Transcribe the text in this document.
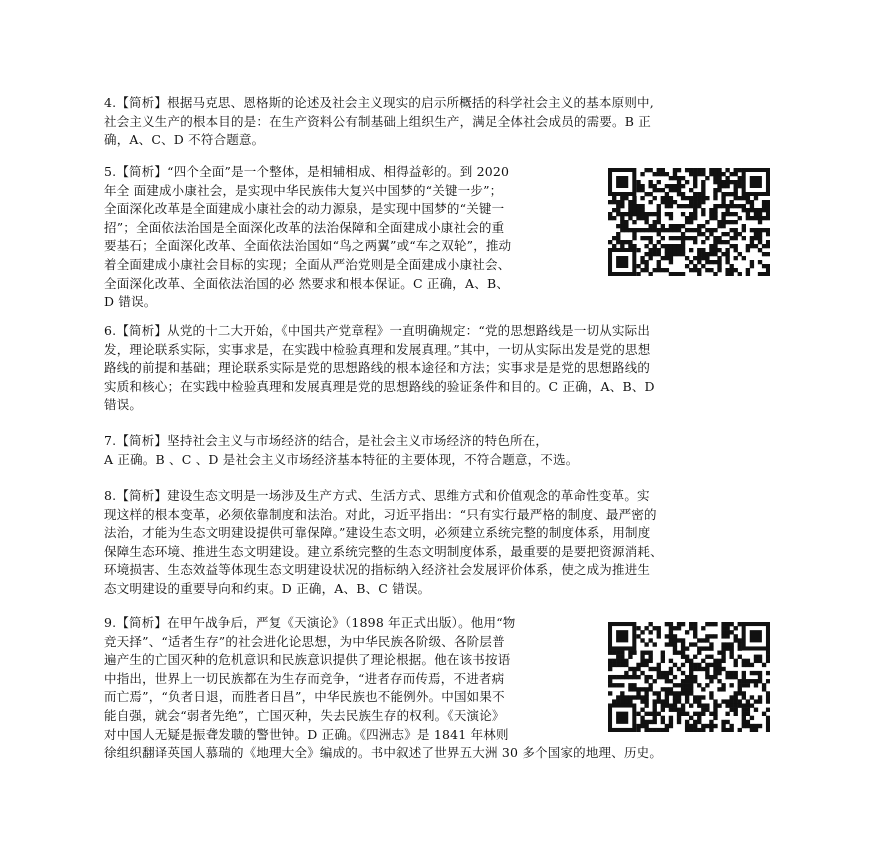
4.【简析】根据马克思、恩格斯的论述及社会主义现实的启示所概括的科学社会主义的基本原则中,
社会主义生产的根本目的是：在生产资料公有制基础上组织生产，满足全体社会成员的需要。B 正
确，A、C、D 不符合题意。
5.【简析】“四个全面”是一个整体，是相辅相成、相得益彰的。到 2020
年全 面建成小康社会，是实现中华民族伟大复兴中国梦的“关键一步”；
全面深化改革是全面建成小康社会的动力源泉，是实现中国梦的“关键一
招”；全面依法治国是全面深化改革的法治保障和全面建成小康社会的重
要基石；全面深化改革、全面依法治国如“鸟之两翼”或“车之双轮”，推动
着全面建成小康社会目标的实现；全面从严治党则是全面建成小康社会、
全面深化改革、全面依法治国的必 然要求和根本保证。C 正确，A、B、
D 错误。
6.【简析】从党的十二大开始，《中国共产党章程》一直明确规定：“党的思想路线是一切从实际出
发，理论联系实际，实事求是，在实践中检验真理和发展真理。”其中，一切从实际出发是党的思想
路线的前提和基础；理论联系实际是党的思想路线的根本途径和方法；实事求是是党的思想路线的
实质和核心；在实践中检验真理和发展真理是党的思想路线的验证条件和目的。C 正确，A、B、D
错误。
7.【简析】坚持社会主义与市场经济的结合，是社会主义市场经济的特色所在，
A 正确。B 、C 、D 是社会主义市场经济基本特征的主要体现，不符合题意，不选。
8.【简析】建设生态文明是一场涉及生产方式、生活方式、思维方式和价值观念的革命性变革。实
现这样的根本变革，必须依靠制度和法治。对此，习近平指出：“只有实行最严格的制度、最严密的
法治，才能为生态文明建设提供可靠保障。”建设生态文明，必须建立系统完整的制度体系，用制度
保障生态环境、推进生态文明建设。建立系统完整的生态文明制度体系，最重要的是要把资源消耗、
环境损害、生态效益等体现生态文明建设状况的指标纳入经济社会发展评价体系，使之成为推进生
态文明建设的重要导向和约束。D 正确，A、B、C 错误。
9.【简析】在甲午战争后，严复《天演论》（1898 年正式出版）。他用“物
竞天择”、“适者生存”的社会进化论思想，为中华民族各阶级、各阶层普
遍产生的亡国灭种的危机意识和民族意识提供了理论根据。他在该书按语
中指出，世界上一切民族都在为生存而竞争，“进者存而传焉，不进者病
而亡焉”，“负者日退，而胜者日昌”，中华民族也不能例外。中国如果不
能自强，就会“弱者先绝”，亡国灭种，失去民族生存的权利。《天演论》
对中国人无疑是振聋发聩的警世钟。D 正确。《四洲志》是 1841 年林则
徐组织翻译英国人慕瑞的《地理大全》编成的。书中叙述了世界五大洲 30 多个国家的地理、历史。
